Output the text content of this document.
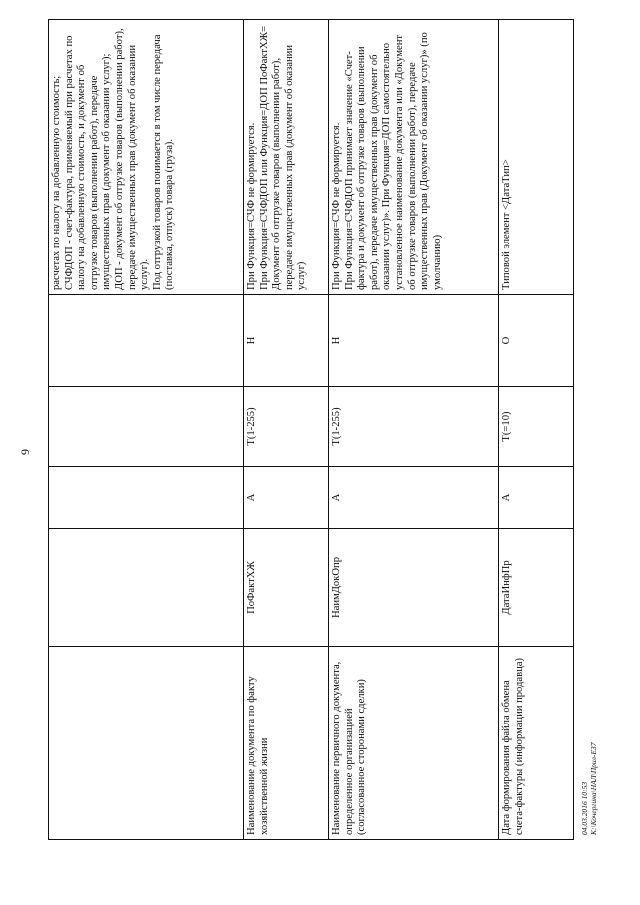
9

					расчетах по налогу на добавленную стоимость; СЧФДОП - счет-фактура, применяемый при расчетах по налогу на добавленную стоимость, и документ об отгрузке товаров (выполнении работ), передаче имущественных прав (документ об оказании услуг); ДОП - документ об отгрузке товаров (выполнении работ), передаче имущественных прав (документ об оказании услуг). Под отгрузкой товаров понимается в том числе передача (поставка, отпуск) товара (груза).

Наименование документа по факту хозяйственной жизни	ПоФактХЖ	А	T(1-255)	Н	При Функция=СЧФ не формируется. При Функция=СЧФДОП или Функция=ДОП ПоФактХЖ= Документ об отгрузке товаров (выполнении работ), передаче имущественных прав (документ об оказании услуг)

Наименование первичного документа, определенное организацией (согласованное сторонами сделки)	НаимДокОпр	А	T(1-255)	Н	При Функция=СЧФ не формируется. При Функция=СЧФДОП принимает значение «Счет-фактура и документ об отгрузке товаров (выполнении работ), передаче имущественных прав (документ об оказании услуг)». При Функция=ДОП самостоятельно установленное наименование документа или «Документ об отгрузке товаров (выполнении работ), передаче имущественных прав (Документ об оказании услуг)» (по умолчанию)

Дата формирования файла обмена счета-фактуры (информации продавца)	ДатаИнфПр	А	T(=10)	О	Типовой элемент <ДатаТип>
04.03.2016 10:53 K:\Кочергина\НАЛ\Прил-E37
